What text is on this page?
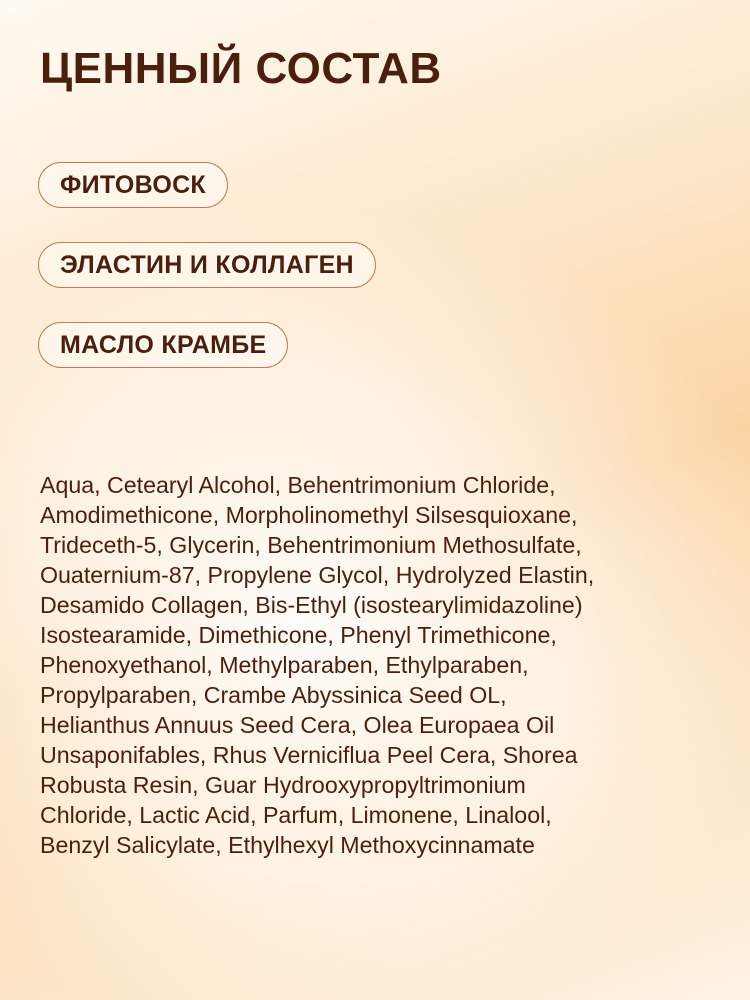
ЦЕННЫЙ СОСТАВ
ФИТОВОСК
ЭЛАСТИН И КОЛЛАГЕН
МАСЛО КРАМБЕ

Aqua, Cetearyl Alcohol, Behentrimonium Chloride,
Amodimethicone, Morpholinomethyl Silsesquioxane,
Trideceth-5, Glycerin, Behentrimonium Methosulfate,
Ouaternium-87, Propylene Glycol, Hydrolyzed Elastin,
Desamido Collagen, Bis-Ethyl (isostearylimidazoline)
Isostearamide, Dimethicone, Phenyl Trimethicone,
Phenoxyethanol, Methylparaben, Ethylparaben,
Propylparaben, Crambe Abyssinica Seed OL,
Helianthus Annuus Seed Cera, Olea Europaea Oil
Unsaponifables, Rhus Verniciflua Peel Cera, Shorea
Robusta Resin, Guar Hydrooxypropyltrimonium
Chloride, Lactic Acid, Parfum, Limonene, Linalool,
Benzyl Salicylate, Ethylhexyl Methoxycinnamate
